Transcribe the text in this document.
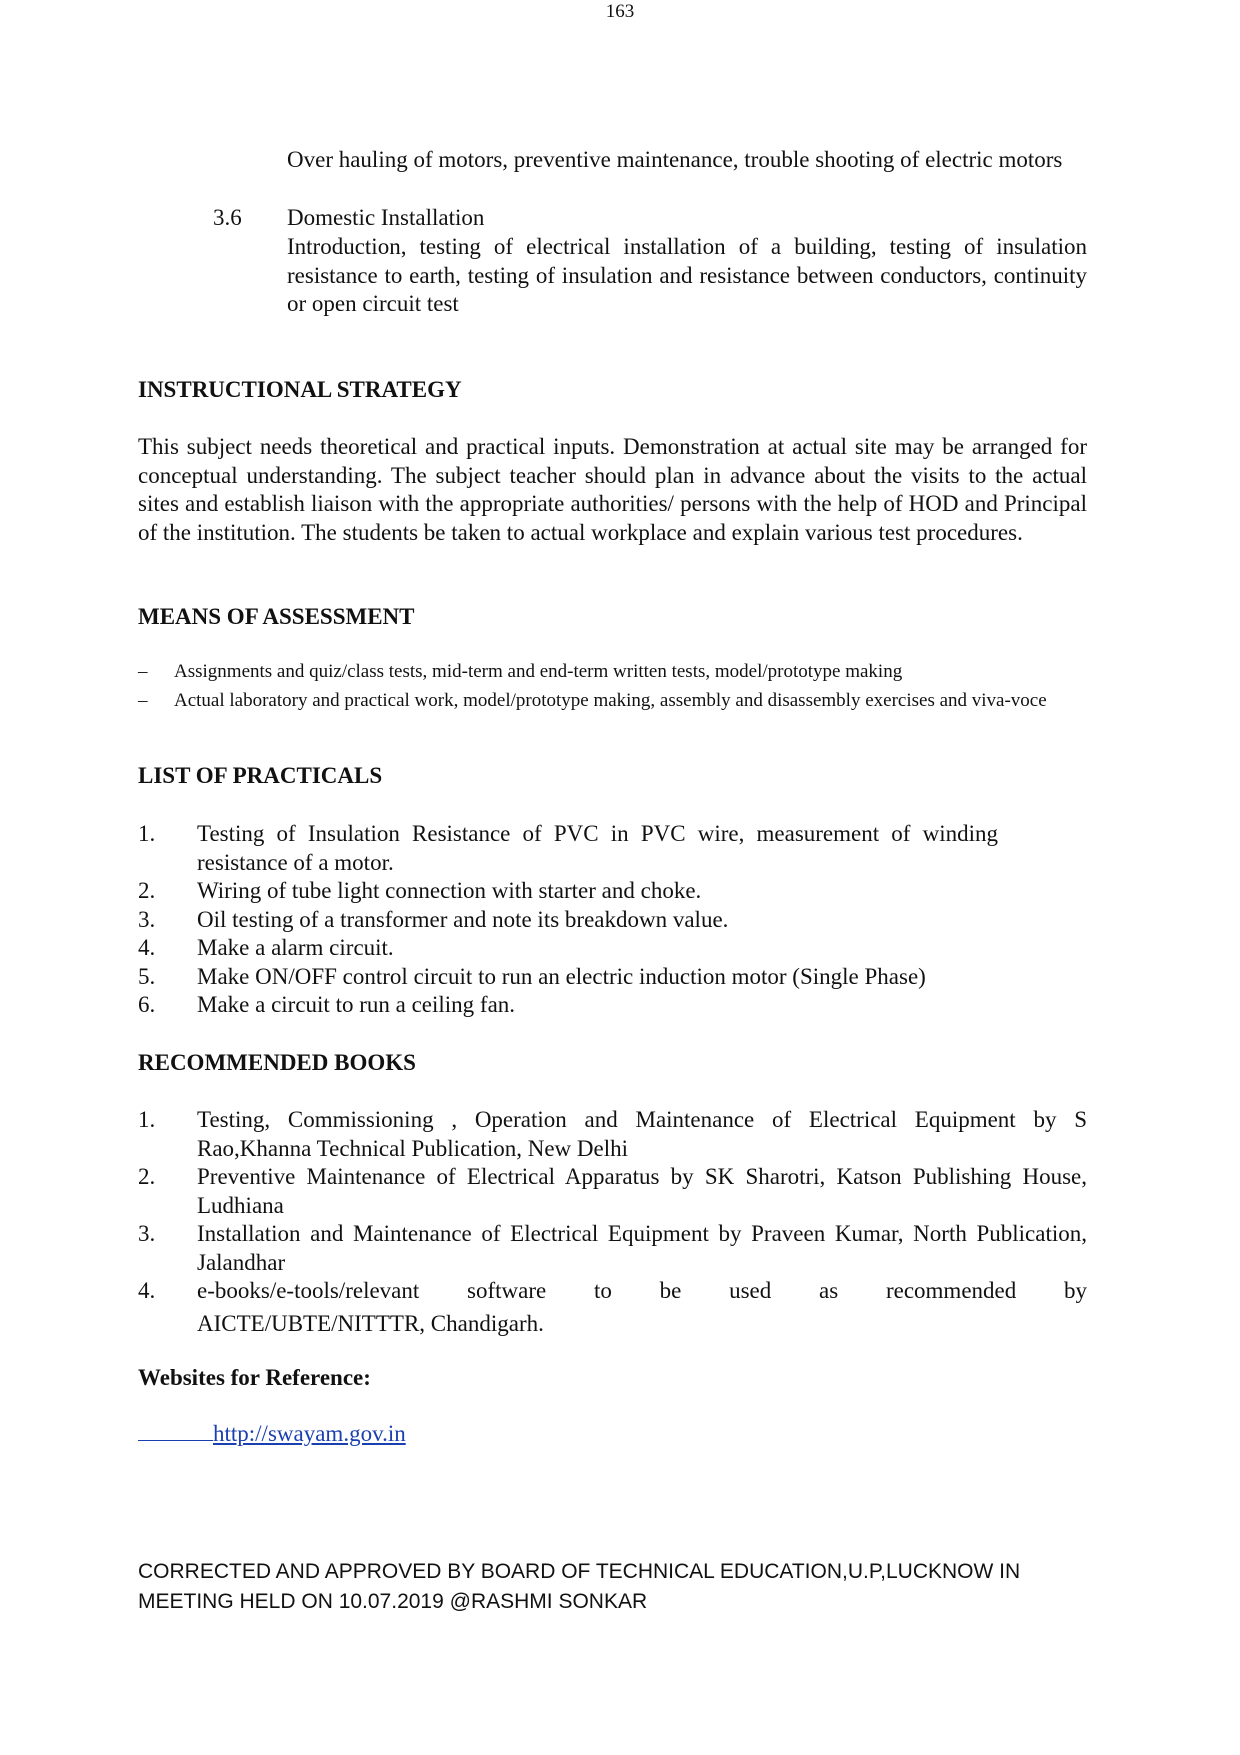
163
Over hauling of motors, preventive maintenance, trouble shooting of electric motors
3.6 Domestic Installation
Introduction, testing of electrical installation of a building, testing of insulation resistance to earth, testing of insulation and resistance between conductors, continuity or open circuit test
INSTRUCTIONAL STRATEGY
This subject needs theoretical and practical inputs. Demonstration at actual site may be arranged for conceptual understanding. The subject teacher should plan in advance about the visits to the actual sites and establish liaison with the appropriate authorities/ persons with the help of HOD and Principal of the institution. The students be taken to actual workplace and explain various test procedures.
MEANS OF ASSESSMENT
– Assignments and quiz/class tests, mid-term and end-term written tests, model/prototype making
– Actual laboratory and practical work, model/prototype making, assembly and disassembly exercises and viva-voce
LIST OF PRACTICALS
1. Testing of Insulation Resistance of PVC in PVC wire, measurement of winding resistance of a motor.
2. Wiring of tube light connection with starter and choke.
3. Oil testing of a transformer and note its breakdown value.
4. Make a alarm circuit.
5. Make ON/OFF control circuit to run an electric induction motor (Single Phase)
6. Make a circuit to run a ceiling fan.
RECOMMENDED BOOKS
1. Testing, Commissioning , Operation and Maintenance of Electrical Equipment by S Rao,Khanna Technical Publication, New Delhi
2. Preventive Maintenance of Electrical Apparatus by SK Sharotri, Katson Publishing House, Ludhiana
3. Installation and Maintenance of Electrical Equipment by Praveen Kumar, North Publication, Jalandhar
4. e-books/e-tools/relevant software to be used as recommended by
AICTE/UBTE/NITTTR, Chandigarh.
Websites for Reference:
http://swayam.gov.in
CORRECTED AND APPROVED BY BOARD OF TECHNICAL EDUCATION,U.P,LUCKNOW IN
MEETING HELD ON 10.07.2019 @RASHMI SONKAR
